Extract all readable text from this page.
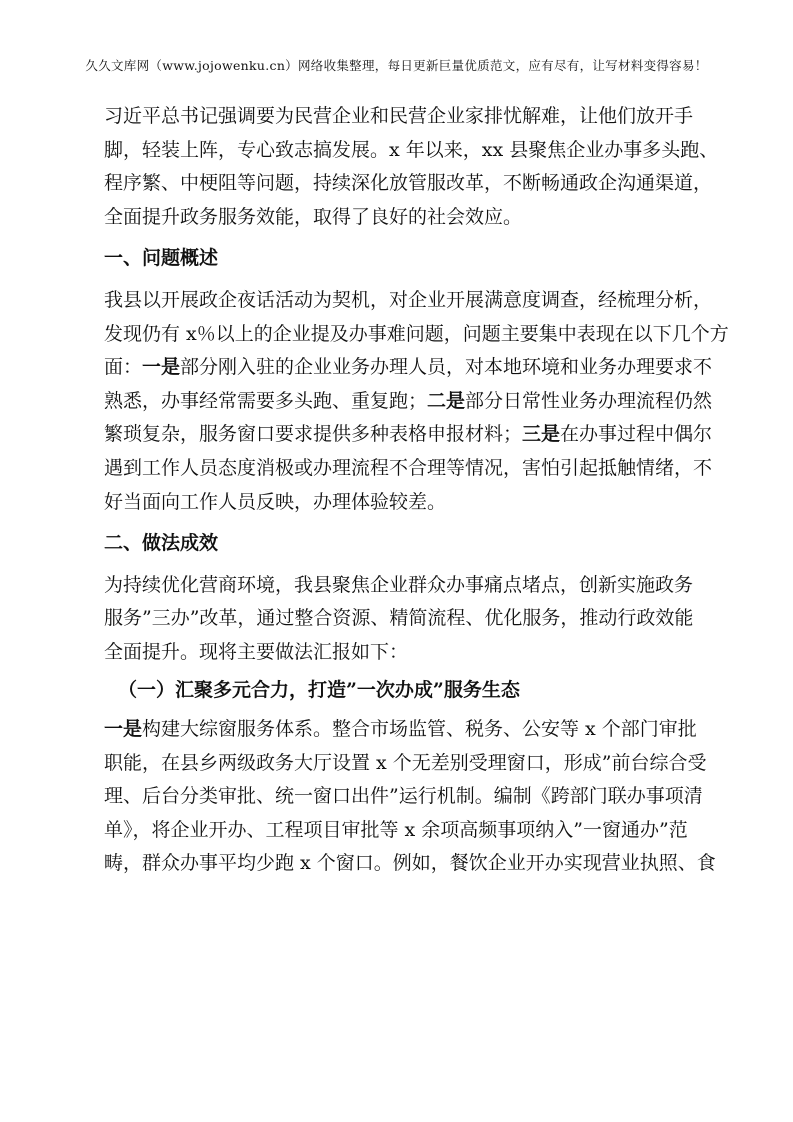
久久文库网（www.jojowenku.cn）网络收集整理，每日更新巨量优质范文，应有尽有，让写材料变得容易！
习近平总书记强调要为民营企业和民营企业家排忧解难，让他们放开手
脚，轻装上阵，专心致志搞发展。x 年以来，xx 县聚焦企业办事多头跑、
程序繁、中梗阻等问题，持续深化放管服改革，不断畅通政企沟通渠道，
全面提升政务服务效能，取得了良好的社会效应。
一、问题概述
我县以开展政企夜话活动为契机，对企业开展满意度调查，经梳理分析，
发现仍有 x％以上的企业提及办事难问题，问题主要集中表现在以下几个方
面：一是部分刚入驻的企业业务办理人员，对本地环境和业务办理要求不
熟悉，办事经常需要多头跑、重复跑；二是部分日常性业务办理流程仍然
繁琐复杂，服务窗口要求提供多种表格申报材料；三是在办事过程中偶尔
遇到工作人员态度消极或办理流程不合理等情况，害怕引起抵触情绪，不
好当面向工作人员反映，办理体验较差。
二、做法成效
为持续优化营商环境，我县聚焦企业群众办事痛点堵点，创新实施政务
服务”三办”改革，通过整合资源、精简流程、优化服务，推动行政效能
全面提升。现将主要做法汇报如下：
（一）汇聚多元合力，打造”一次办成”服务生态
一是构建大综窗服务体系。整合市场监管、税务、公安等 x 个部门审批
职能，在县乡两级政务大厅设置 x 个无差别受理窗口，形成”前台综合受
理、后台分类审批、统一窗口出件”运行机制。编制《跨部门联办事项清
单》，将企业开办、工程项目审批等 x 余项高频事项纳入”一窗通办”范
畴，群众办事平均少跑 x 个窗口。例如，餐饮企业开办实现营业执照、食
